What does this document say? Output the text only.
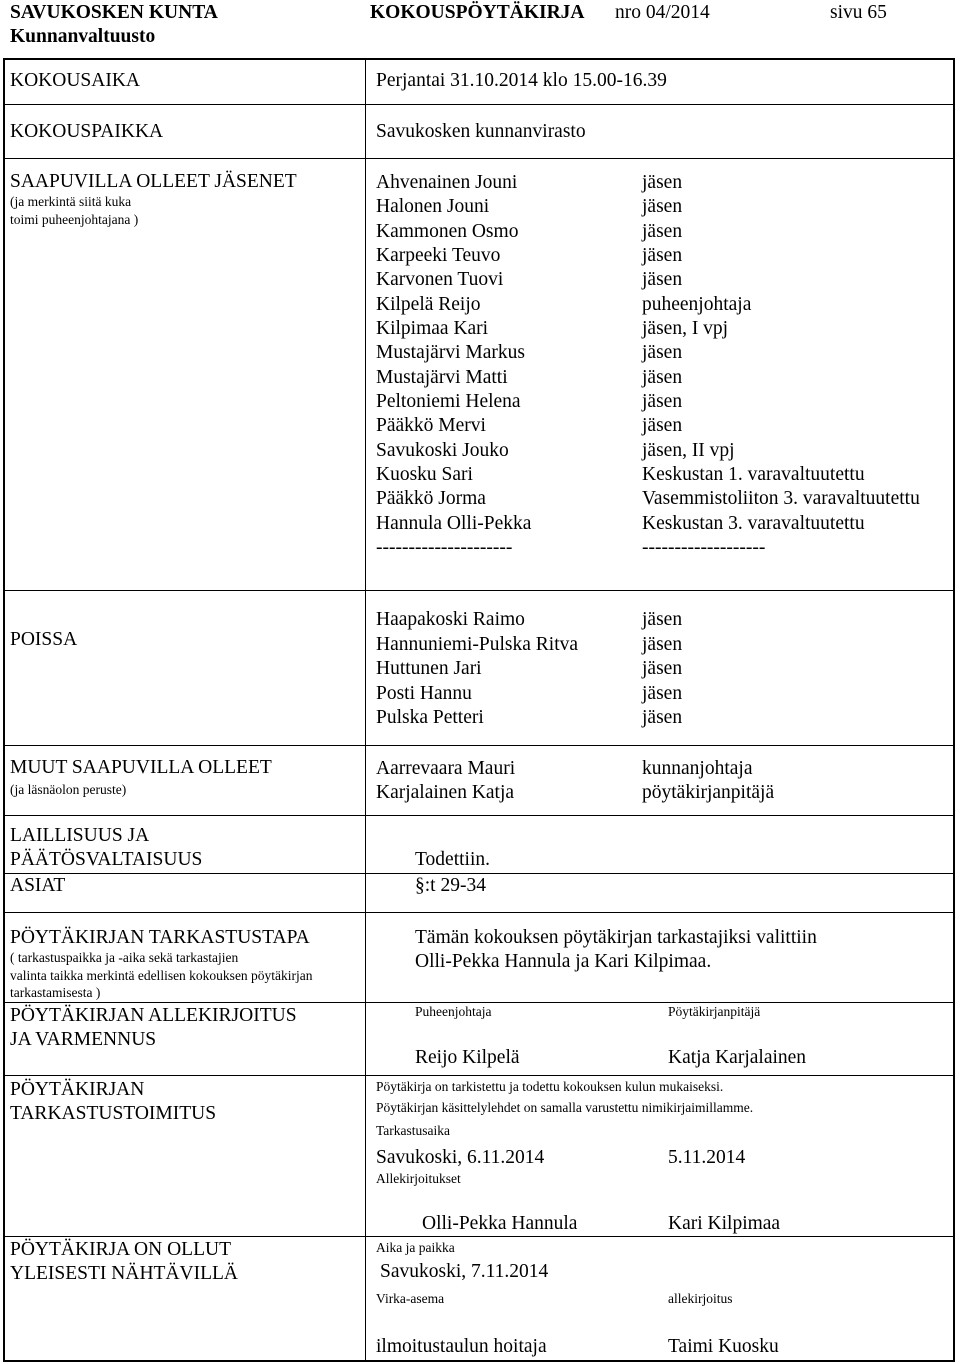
SAVUKOSKEN KUNTA	KOKOUSPÖYTÄKIRJA nro 04/2014	sivu 65
Kunnanvaltuusto
KOKOUSAIKA	Perjantai 31.10.2014 klo 15.00-16.39
KOKOUSPAIKKA	Savukosken kunnanvirasto
SAAPUVILLA OLLEET JÄSENET
(ja merkintä siitä kuka
toimi puheenjohtajana )
Ahvenainen Jouni	jäsen
Halonen Jouni	jäsen
Kammonen Osmo	jäsen
Karpeeki Teuvo	jäsen
Karvonen Tuovi	jäsen
Kilpelä Reijo	puheenjohtaja
Kilpimaa Kari	jäsen, I vpj
Mustajärvi Markus	jäsen
Mustajärvi Matti	jäsen
Peltoniemi Helena	jäsen
Pääkkö Mervi	jäsen
Savukoski Jouko	jäsen, II vpj
Kuosku Sari	Keskustan 1. varavaltuutettu
Pääkkö Jorma	Vasemmistoliiton 3. varavaltuutettu
Hannula Olli-Pekka	Keskustan 3. varavaltuutettu
---------------------	-------------------
POISSA
Haapakoski Raimo	jäsen
Hannuniemi-Pulska Ritva	jäsen
Huttunen Jari	jäsen
Posti Hannu	jäsen
Pulska Petteri	jäsen
MUUT SAAPUVILLA OLLEET
(ja läsnäolon peruste)
Aarrevaara Mauri	kunnanjohtaja
Karjalainen Katja	pöytäkirjanpitäjä
LAILLISUUS JA
PÄÄTÖSVALTAISUUS	Todettiin.
ASIAT	§:t 29-34
PÖYTÄKIRJAN TARKASTUSTAPA
( tarkastuspaikka ja -aika sekä tarkastajien
valinta taikka merkintä edellisen kokouksen pöytäkirjan
tarkastamisesta )
Tämän kokouksen pöytäkirjan tarkastajiksi valittiin
Olli-Pekka Hannula ja Kari Kilpimaa.
PÖYTÄKIRJAN ALLEKIRJOITUS
JA VARMENNUS
Puheenjohtaja	Pöytäkirjanpitäjä
Reijo Kilpelä	Katja Karjalainen
PÖYTÄKIRJAN
TARKASTUSTOIMITUS
Pöytäkirja on tarkistettu ja todettu kokouksen kulun mukaiseksi.
Pöytäkirjan käsittelylehdet on samalla varustettu nimikirjaimillamme.
Tarkastusaika
Savukoski, 6.11.2014	5.11.2014
Allekirjoitukset
Olli-Pekka Hannula	Kari Kilpimaa
PÖYTÄKIRJA ON OLLUT
YLEISESTI NÄHTÄVILLÄ
Aika ja paikka
Savukoski, 7.11.2014
Virka-asema	allekirjoitus
ilmoitustaulun hoitaja	Taimi Kuosku
